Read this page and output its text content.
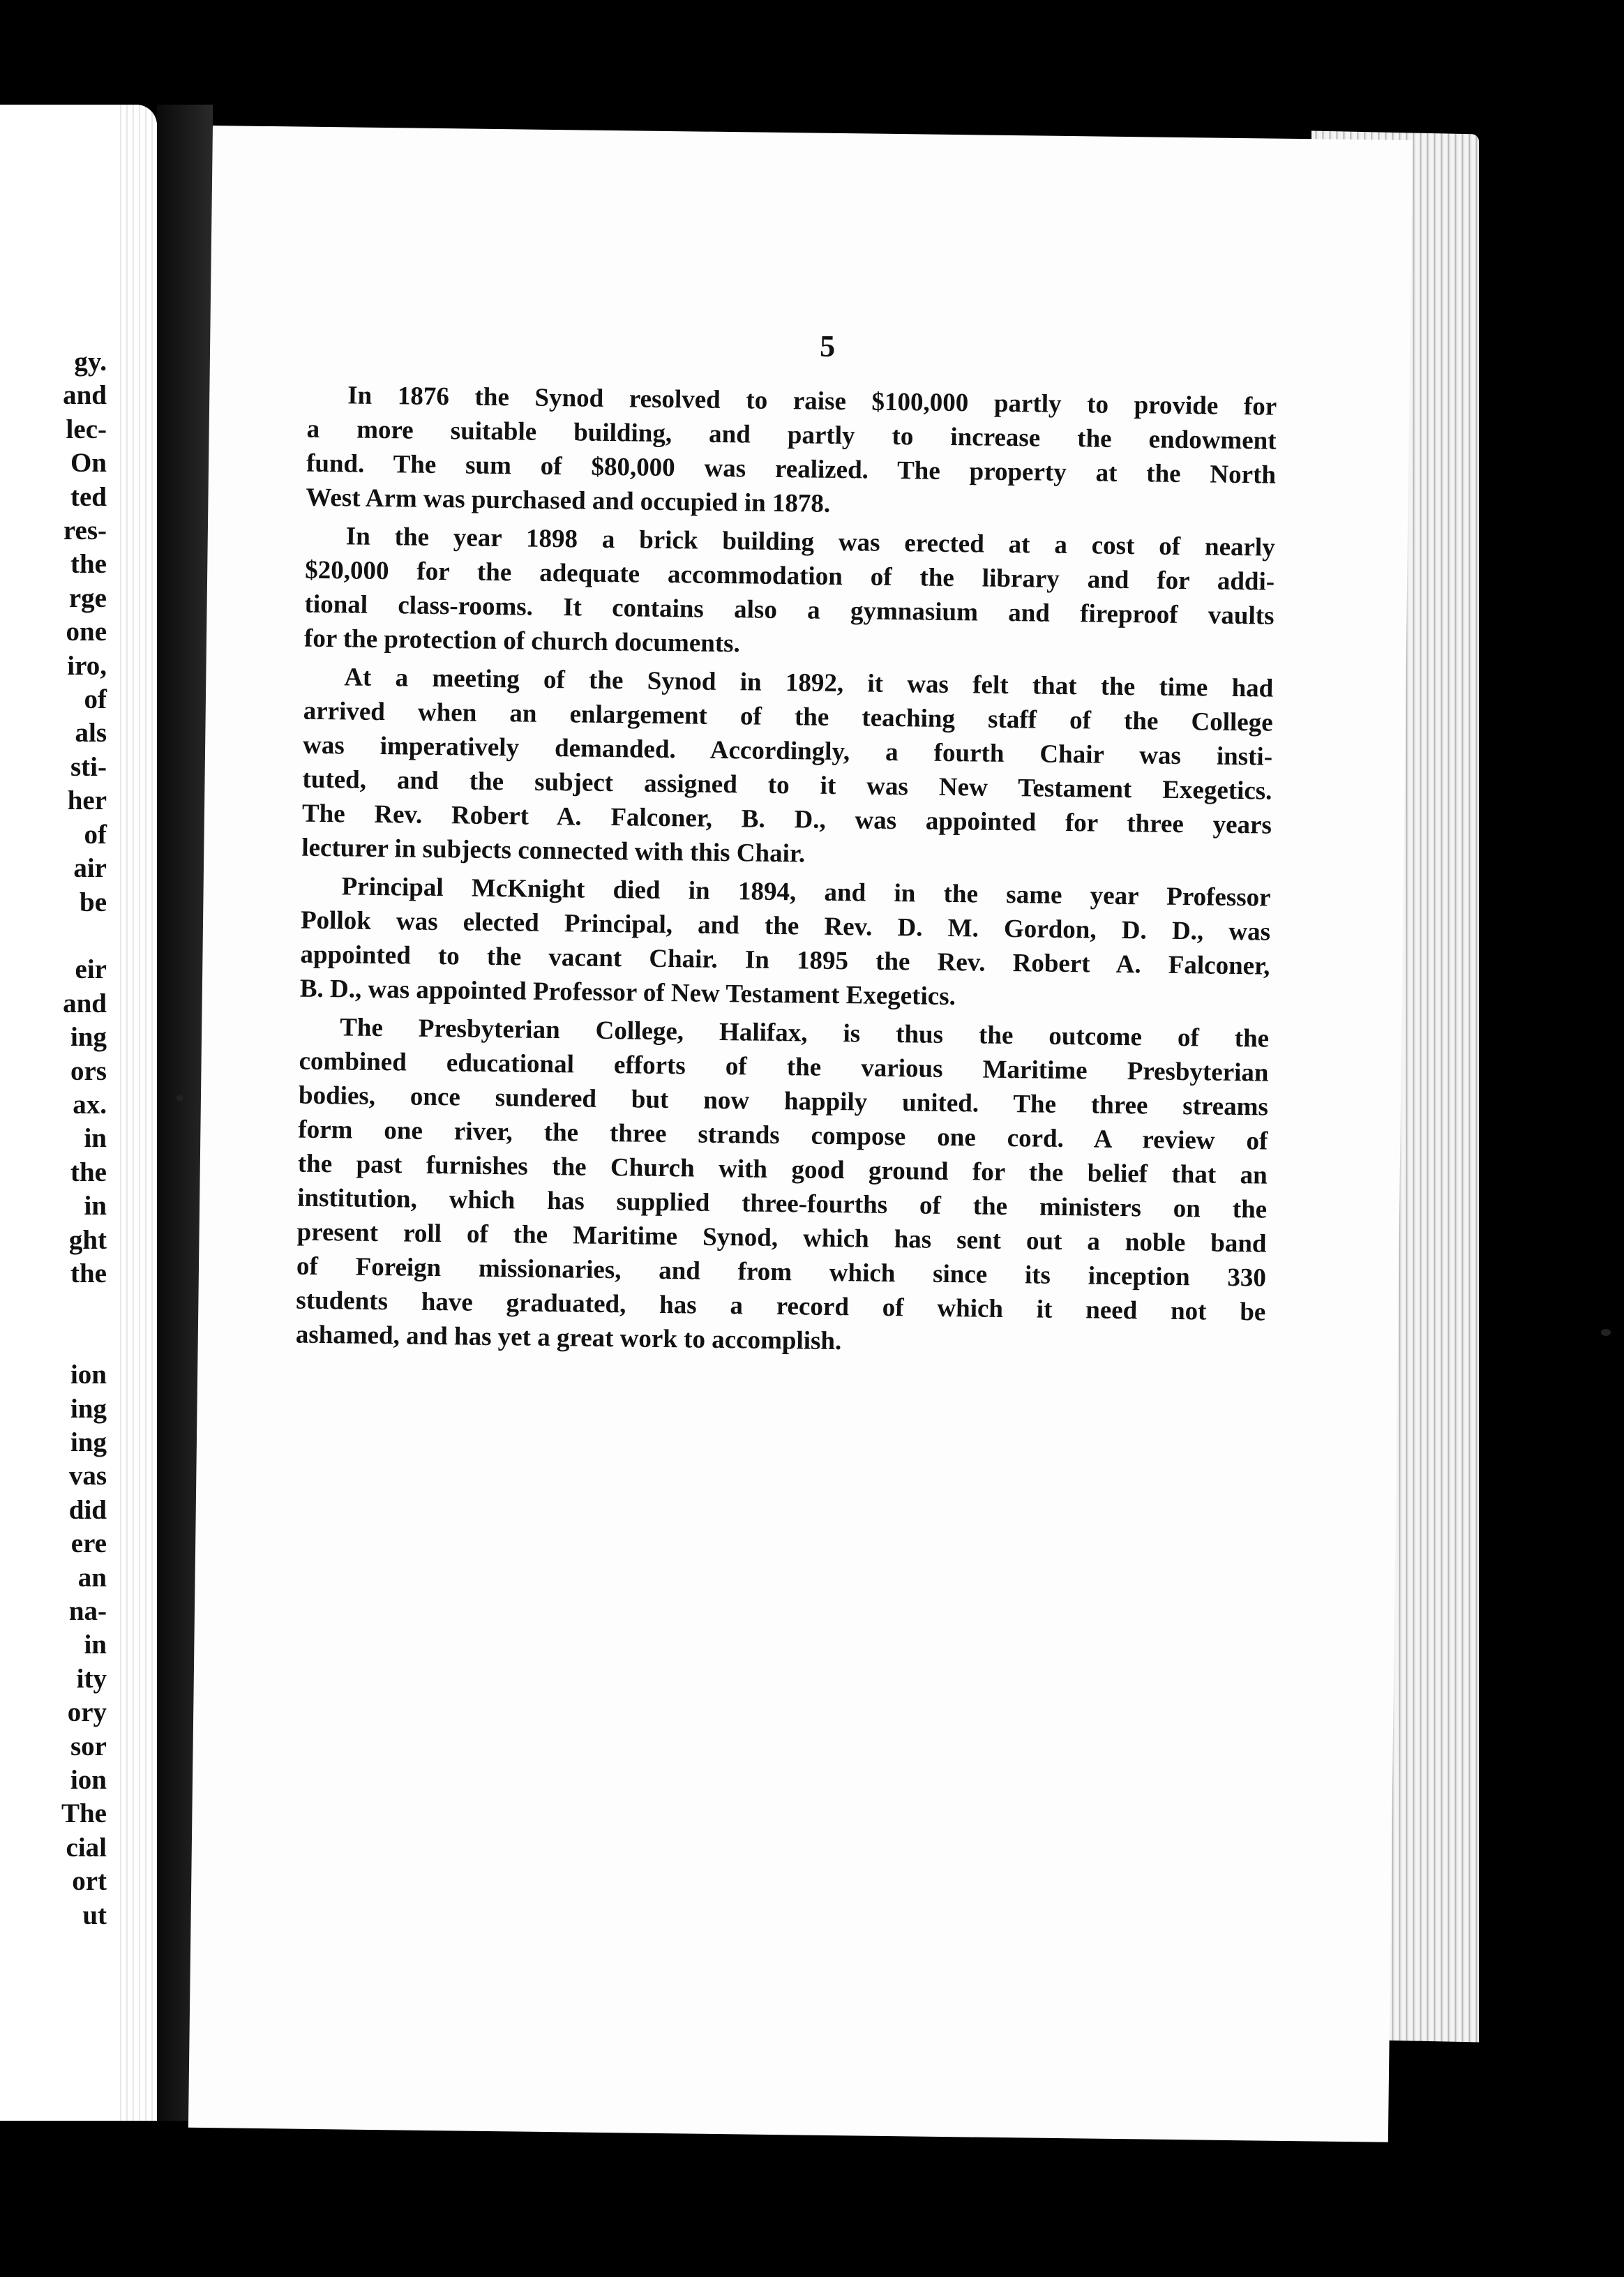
gy.
and
lec-
On
ted
res-
the
rge
one
iro,
of
als
sti-
her
of
air
be
eir
and
ing
ors
ax.
in
the
in
ght
the
ion
ing
ing
vas
did
ere
an
na-
in
ity
ory
sor
ion
The
cial
ort
ut
5
In 1876 the Synod resolved to raise $100,000 partly to provide for
a more suitable building, and partly to increase the endowment
fund. The sum of $80,000 was realized. The property at the North
West Arm was purchased and occupied in 1878.
In the year 1898 a brick building was erected at a cost of nearly
$20,000 for the adequate accommodation of the library and for addi-
tional class-rooms. It contains also a gymnasium and fireproof vaults
for the protection of church documents.
At a meeting of the Synod in 1892, it was felt that the time had
arrived when an enlargement of the teaching staff of the College
was imperatively demanded. Accordingly, a fourth Chair was insti-
tuted, and the subject assigned to it was New Testament Exegetics.
The Rev. Robert A. Falconer, B. D., was appointed for three years
lecturer in subjects connected with this Chair.
Principal McKnight died in 1894, and in the same year Professor
Pollok was elected Principal, and the Rev. D. M. Gordon, D. D., was
appointed to the vacant Chair. In 1895 the Rev. Robert A. Falconer,
B. D., was appointed Professor of New Testament Exegetics.
The Presbyterian College, Halifax, is thus the outcome of the
combined educational efforts of the various Maritime Presbyterian
bodies, once sundered but now happily united. The three streams
form one river, the three strands compose one cord. A review of
the past furnishes the Church with good ground for the belief that an
institution, which has supplied three-fourths of the ministers on the
present roll of the Maritime Synod, which has sent out a noble band
of Foreign missionaries, and from which since its inception 330
students have graduated, has a record of which it need not be
ashamed, and has yet a great work to accomplish.
